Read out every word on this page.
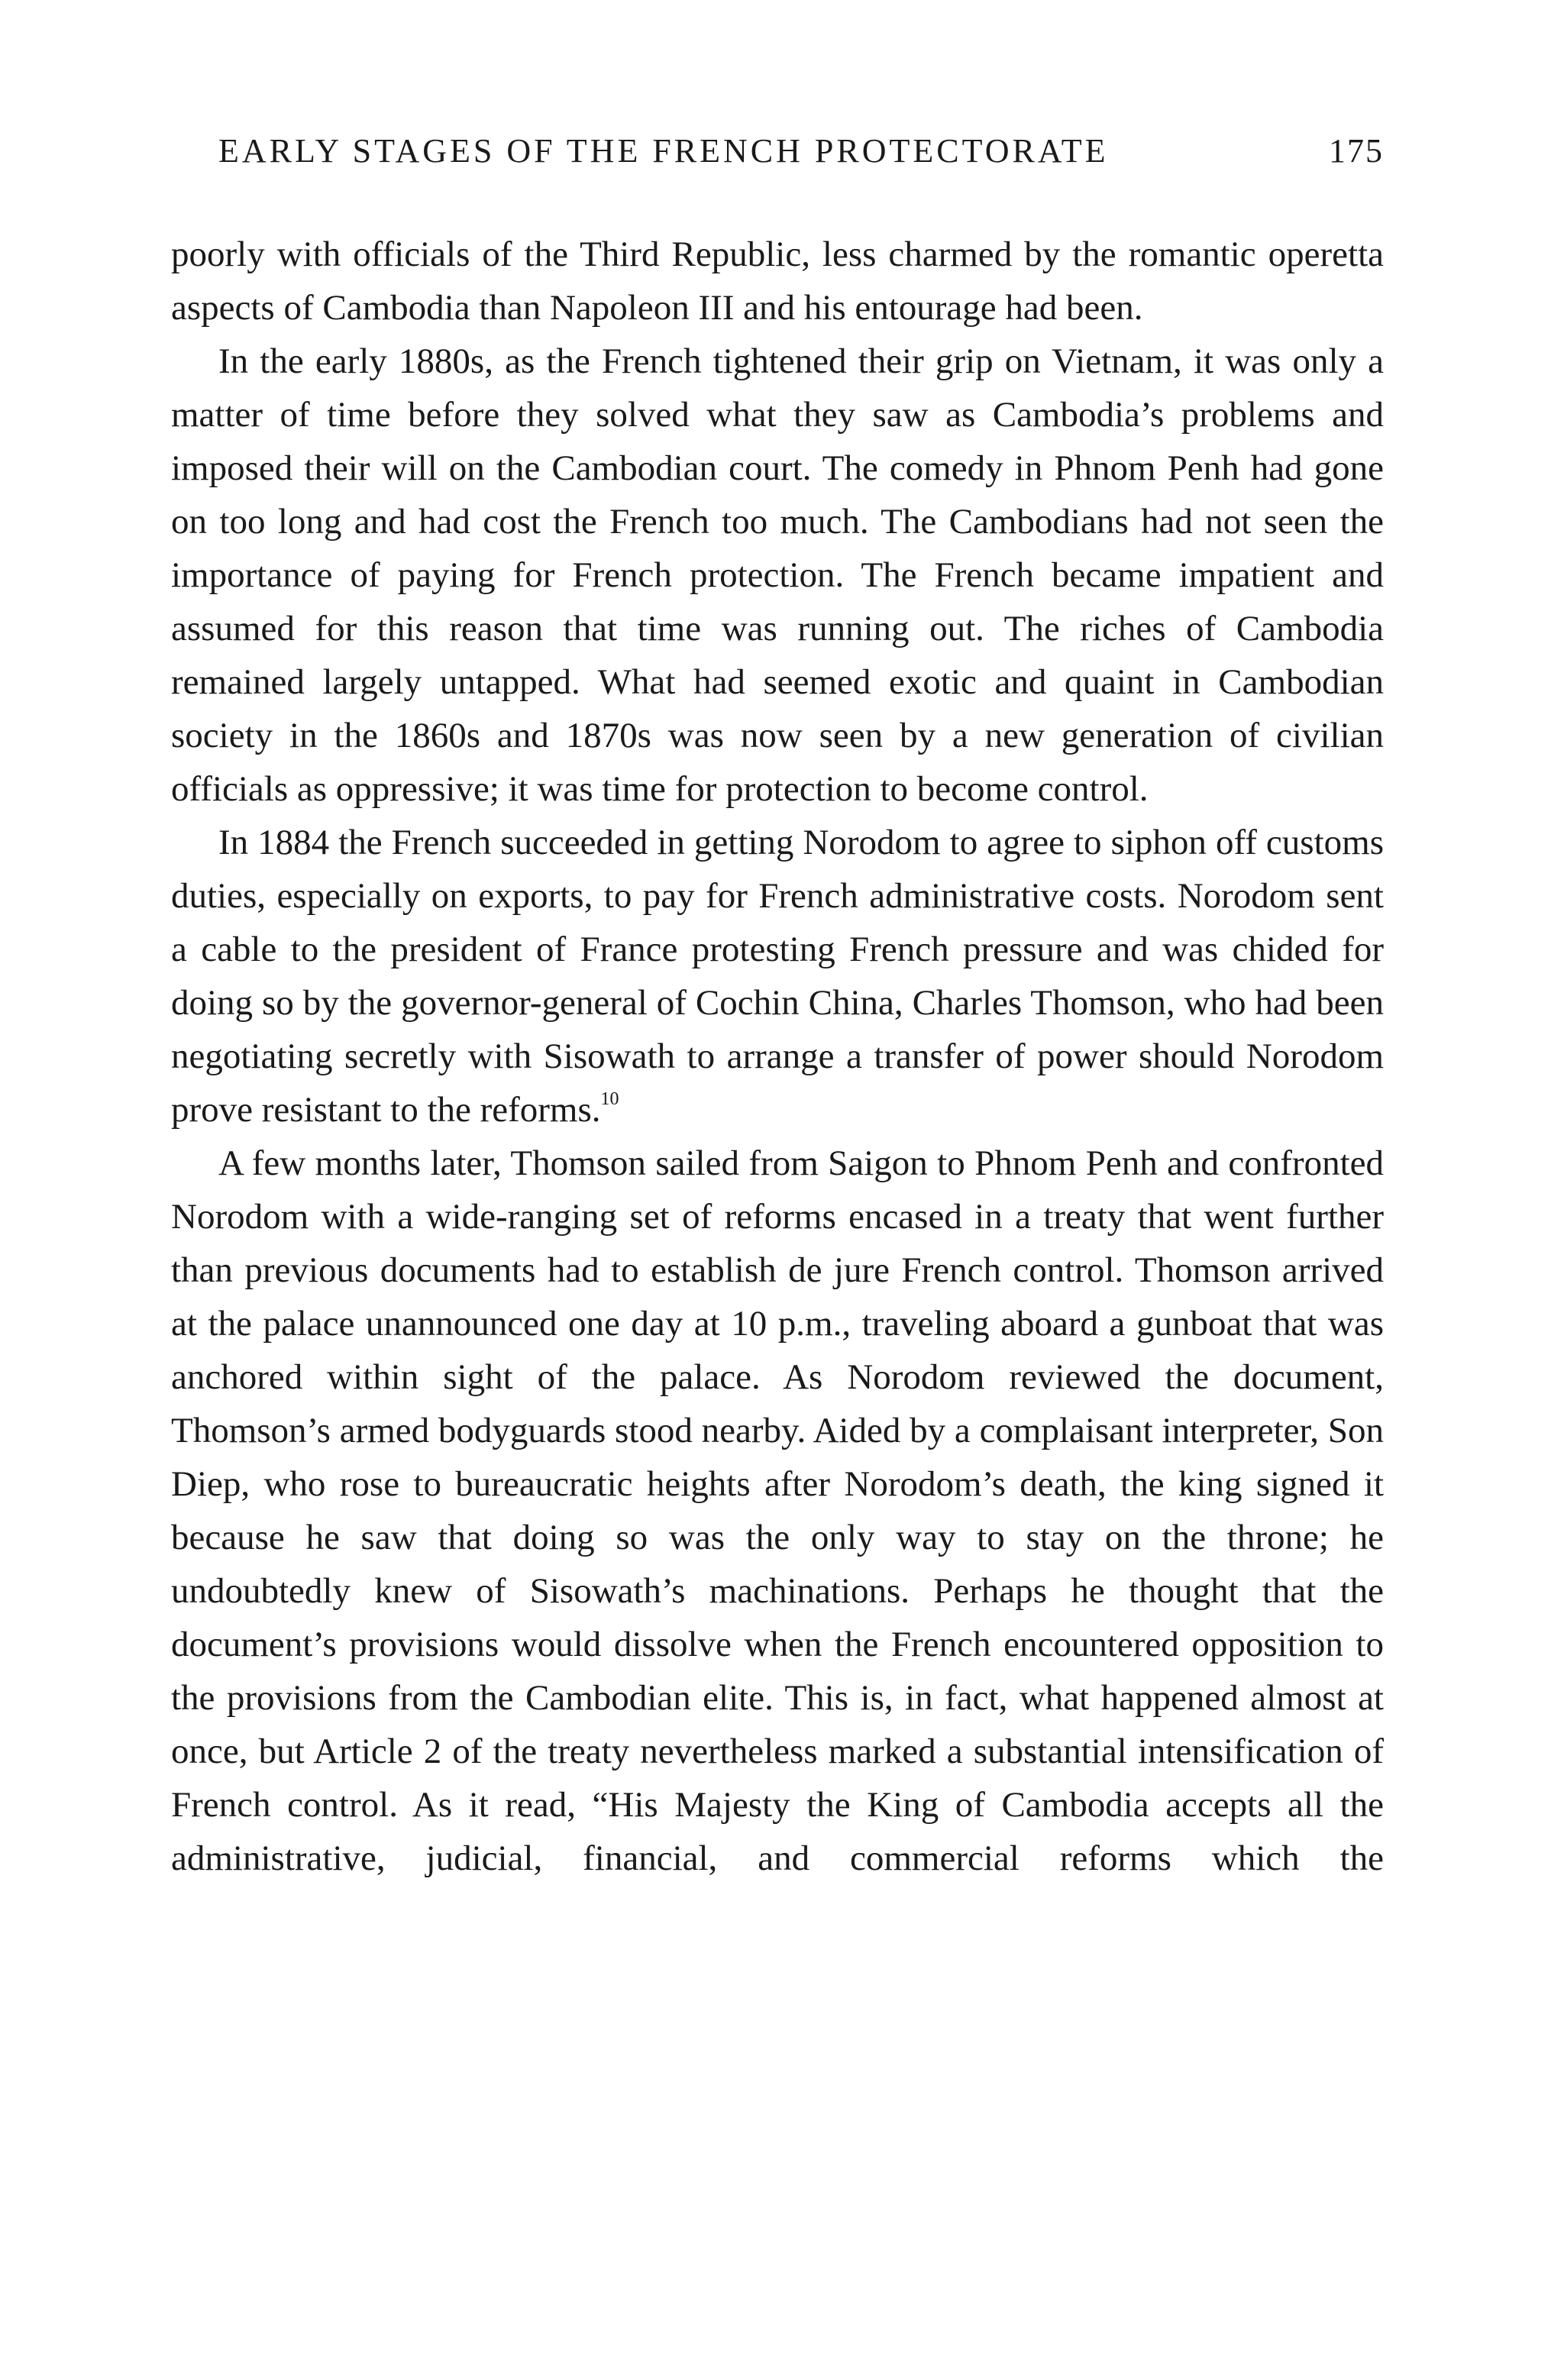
EARLY STAGES OF THE FRENCH PROTECTORATE	175

poorly with officials of the Third Republic, less charmed by the romantic operetta aspects of Cambodia than Napoleon III and his entourage had been.

In the early 1880s, as the French tightened their grip on Vietnam, it was only a matter of time before they solved what they saw as Cambodia’s problems and imposed their will on the Cambodian court. The comedy in Phnom Penh had gone on too long and had cost the French too much. The Cambodians had not seen the importance of paying for French protection. The French became impatient and assumed for this reason that time was running out. The riches of Cambodia remained largely untapped. What had seemed exotic and quaint in Cambodian society in the 1860s and 1870s was now seen by a new generation of civilian officials as oppressive; it was time for protection to become control.

In 1884 the French succeeded in getting Norodom to agree to siphon off customs duties, especially on exports, to pay for French administrative costs. Norodom sent a cable to the president of France protesting French pressure and was chided for doing so by the governor-general of Cochin China, Charles Thomson, who had been negotiating secretly with Sisowath to arrange a transfer of power should Norodom prove resistant to the reforms.$^{10}$

A few months later, Thomson sailed from Saigon to Phnom Penh and confronted Norodom with a wide-ranging set of reforms encased in a treaty that went further than previous documents had to establish de jure French control. Thomson arrived at the palace unannounced one day at 10 p.m., traveling aboard a gunboat that was anchored within sight of the palace. As Norodom reviewed the document, Thomson’s armed bodyguards stood nearby. Aided by a complaisant interpreter, Son Diep, who rose to bureaucratic heights after Norodom’s death, the king signed it because he saw that doing so was the only way to stay on the throne; he undoubtedly knew of Sisowath’s machinations. Perhaps he thought that the document’s provisions would dissolve when the French encountered opposition to the provisions from the Cambodian elite. This is, in fact, what happened almost at once, but Article 2 of the treaty nevertheless marked a substantial intensification of French control. As it read, “His Majesty the King of Cambodia accepts all the administrative, judicial, financial, and commercial reforms which the
